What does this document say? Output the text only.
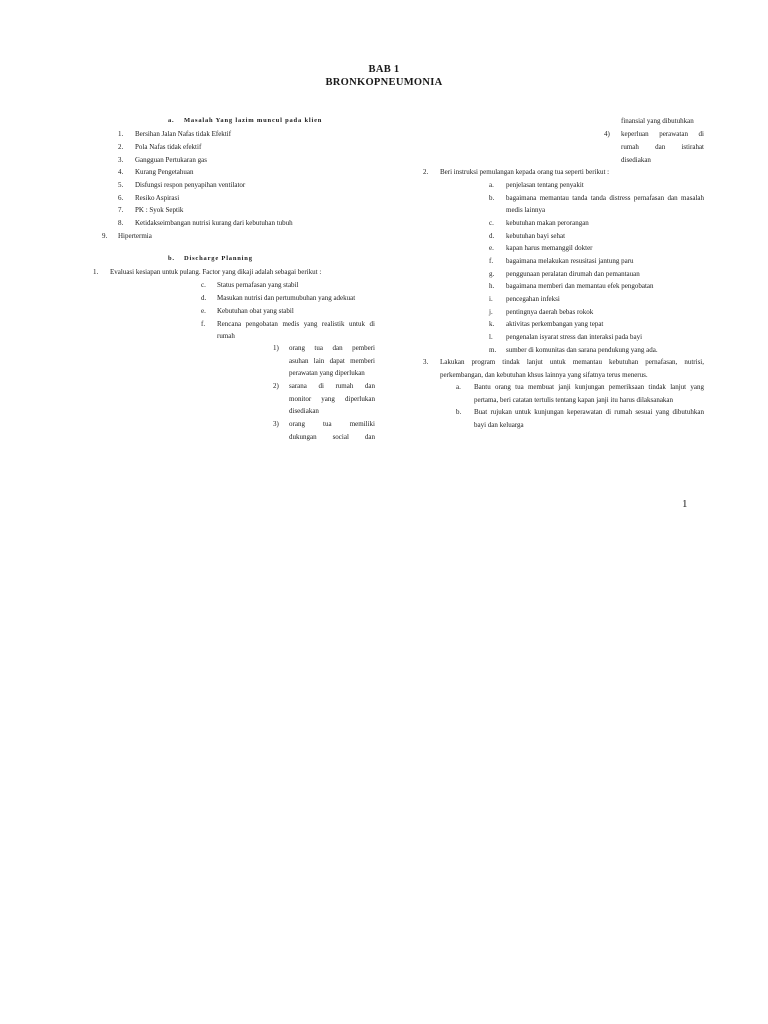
BAB 1
BRONKOPNEUMONIA
a. Masalah Yang lazim muncul pada klien
1. Bersihan Jalan Nafas tidak Efektif
2. Pola Nafas tidak efektif
3. Gangguan Pertukaran gas
4. Kurang Pengetahuan
5. Disfungsi respon penyapihan ventilator
6. Resiko Aspirasi
7. PK : Syok Septik
8. Ketidakseimbangan nutrisi kurang dari kebutuhan tubuh
9. Hipertermia
b. Discharge Planning
1. Evaluasi kesiapan untuk pulang. Factor yang dikaji adalah sebagai berikut :
c. Status pernafasan yang stabil
d. Masukan nutrisi dan pertumubuhan yang adekuat
e. Kebutuhan obat yang stabil
f. Rencana pengobatan medis yang realistik untuk di
rumah
1) orang tua dan pemberi
asuhan lain dapat memberi
perawatan yang diperlukan
2) sarana di rumah dan
monitor yang diperlukan
disediakan
3) orang tua memiliki
dukungan social dan
finansial yang dibutuhkan
4) keperluan perawatan di
rumah dan istirahat
disediakan
2. Beri instruksi pemulangan kepada orang tua seperti berikut :
a. penjelasan tentang penyakit
b. bagaimana memantau tanda tanda distress pernafasan dan masalah
medis lainnya
c. kebutuhan makan perorangan
d. kebutuhan bayi sehat
e. kapan harus memanggil dokter
f. bagaimana melakukan resusitasi jantung paru
g. penggunaan peralatan dirumah dan pemantauan
h. bagaimana memberi dan memantau efek pengobatan
i. pencegahan infeksi
j. pentingnya daerah bebas rokok
k. aktivitas perkembangan yang tepat
l. pengenalan isyarat stress dan interaksi pada bayi
m. sumber di komunitas dan sarana pendukung yang ada.
3. Lakukan program tindak lanjut untuk memantau kebutuhan pernafasan, nutrisi,
perkembangan, dan kebutuhan khsus lainnya yang sifatnya terus menerus.
a. Bantu orang tua membuat janji kunjungan pemeriksaan tindak lanjut yang
pertama, beri catatan tertulis tentang kapan janji itu harus dilaksanakan
b. Buat rujukan untuk kunjungan keperawatan di rumah sesuai yang dibutuhkan
bayi dan keluarga
1
